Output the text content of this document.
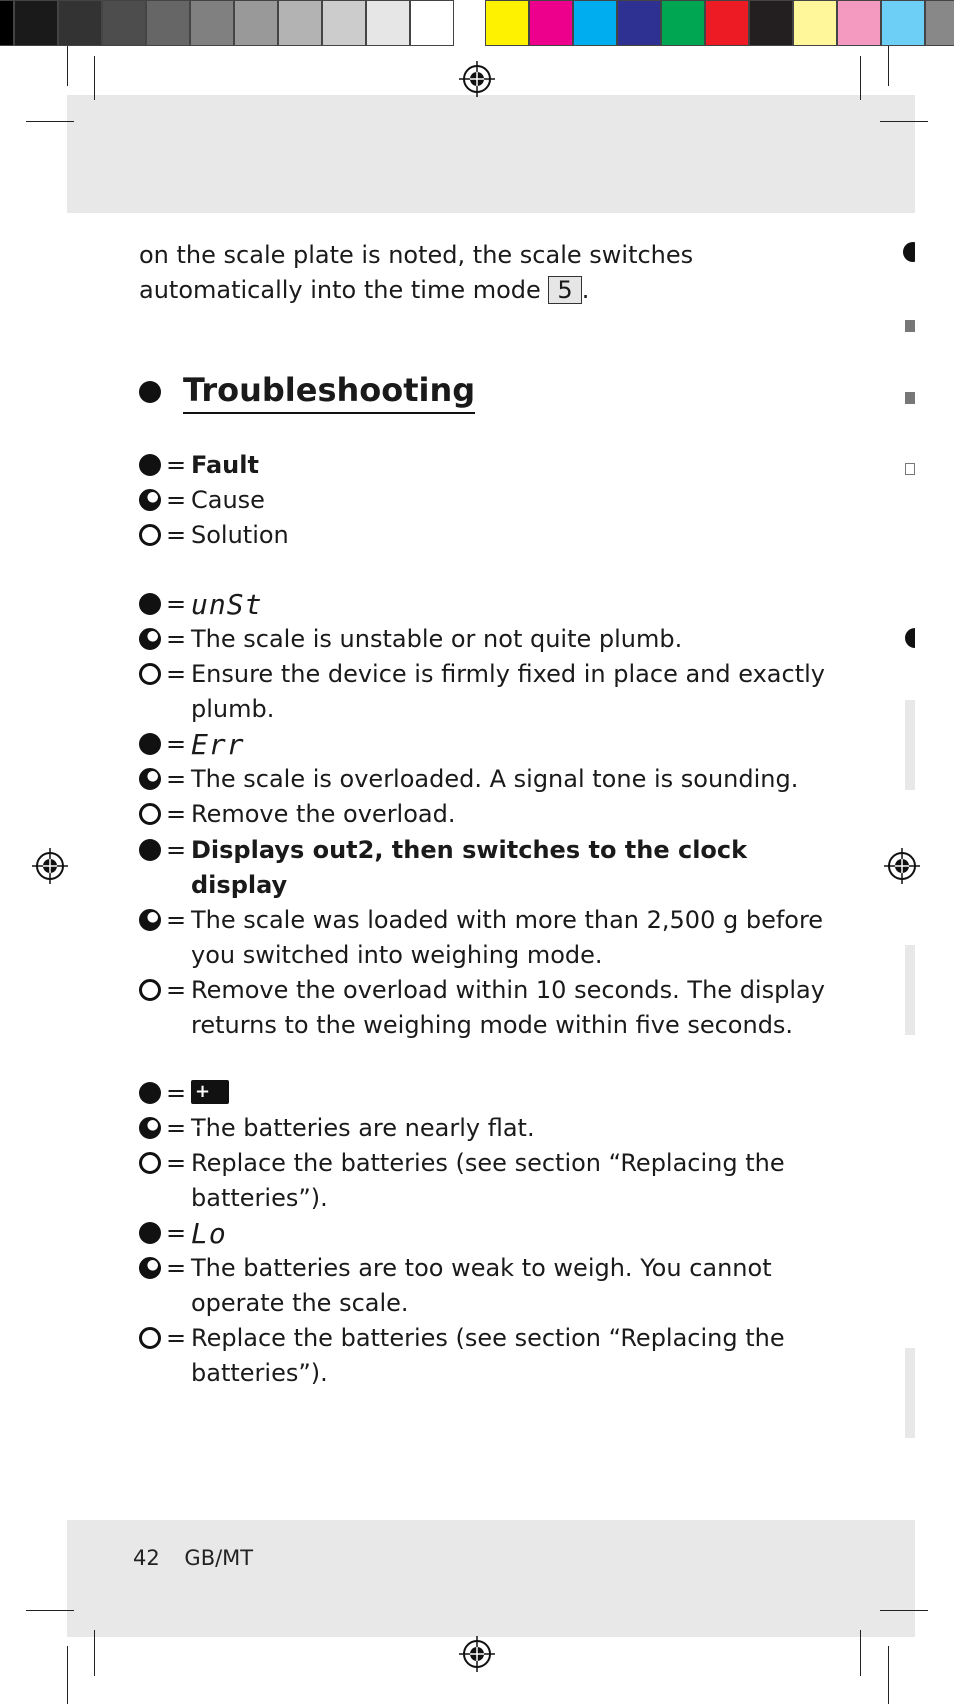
on the scale plate is noted, the scale switches automatically into the time mode 5 .
Troubleshooting
= Fault
= Cause
= Solution
= unSt
= The scale is unstable or not quite plumb.
= Ensure the device is firmly fixed in place and exactly plumb.
= Err
= The scale is overloaded. A signal tone is sounding.
= Remove the overload.
= Displays out2, then switches to the clock display
= The scale was loaded with more than 2,500 g before you switched into weighing mode.
= Remove the overload within 10 seconds. The display returns to the weighing mode within five seconds.
=
+ −
= The batteries are nearly flat.
= Replace the batteries (see section “Replacing the batteries”).
= Lo
= The batteries are too weak to weigh. You cannot operate the scale.
= Replace the batteries (see section “Replacing the batteries”).
42 GB/MT
